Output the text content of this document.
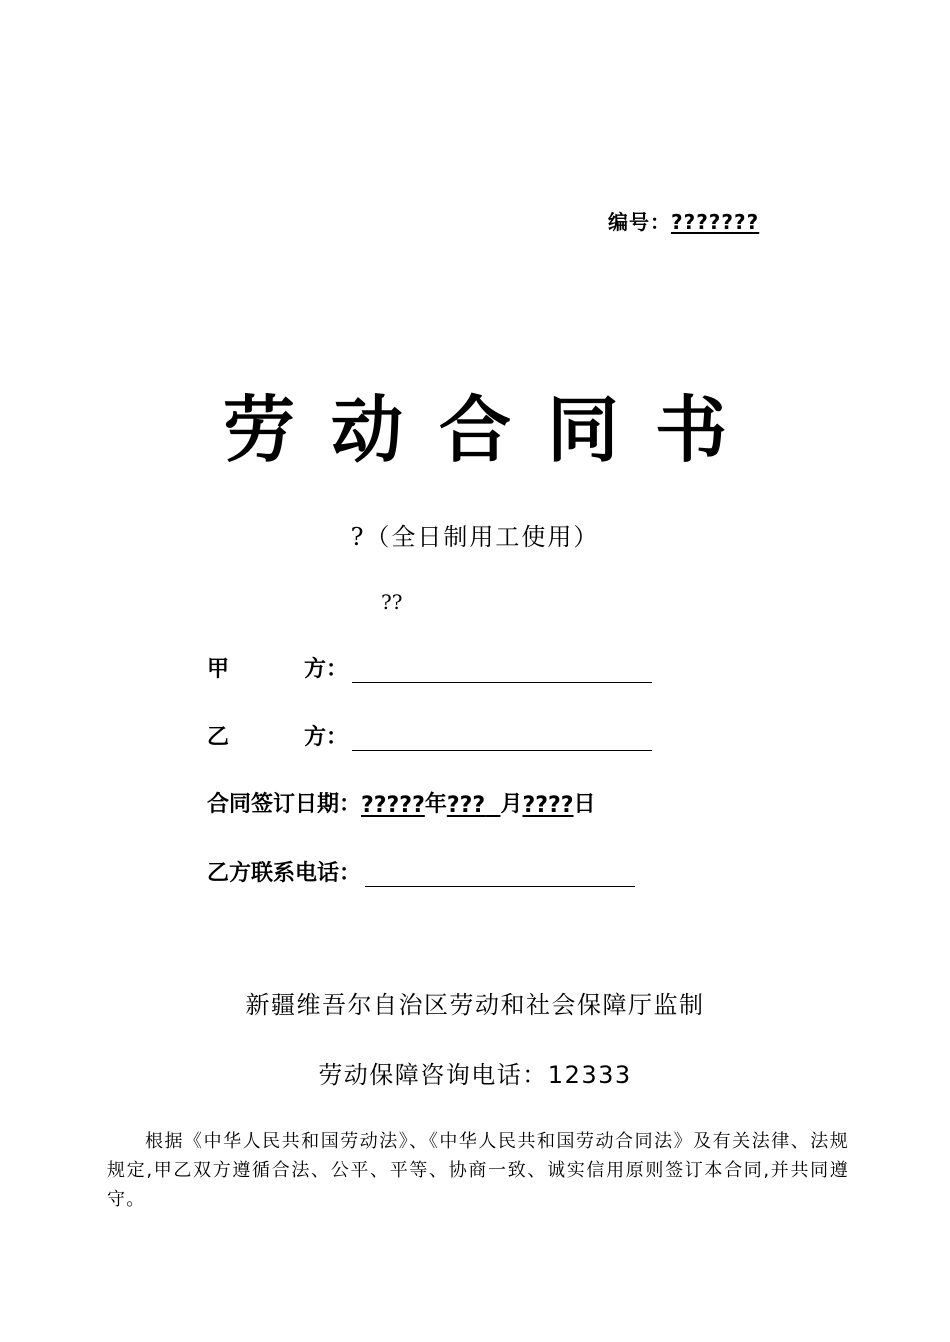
编号：???????
劳动合同书
?（全日制用工使用）
??
甲	方：
乙	方：
合同签订日期： ????? 年 ??? 月 ???? 日
乙方联系电话：
新疆维吾尔自治区劳动和社会保障厅监制
劳动保障咨询电话：12333
根据《中华人民共和国劳动法》、《中华人民共和国劳动合同法》及有关法律、法规规定,甲乙双方遵循合法、公平、平等、协商一致、诚实信用原则签订本合同,并共同遵守。
